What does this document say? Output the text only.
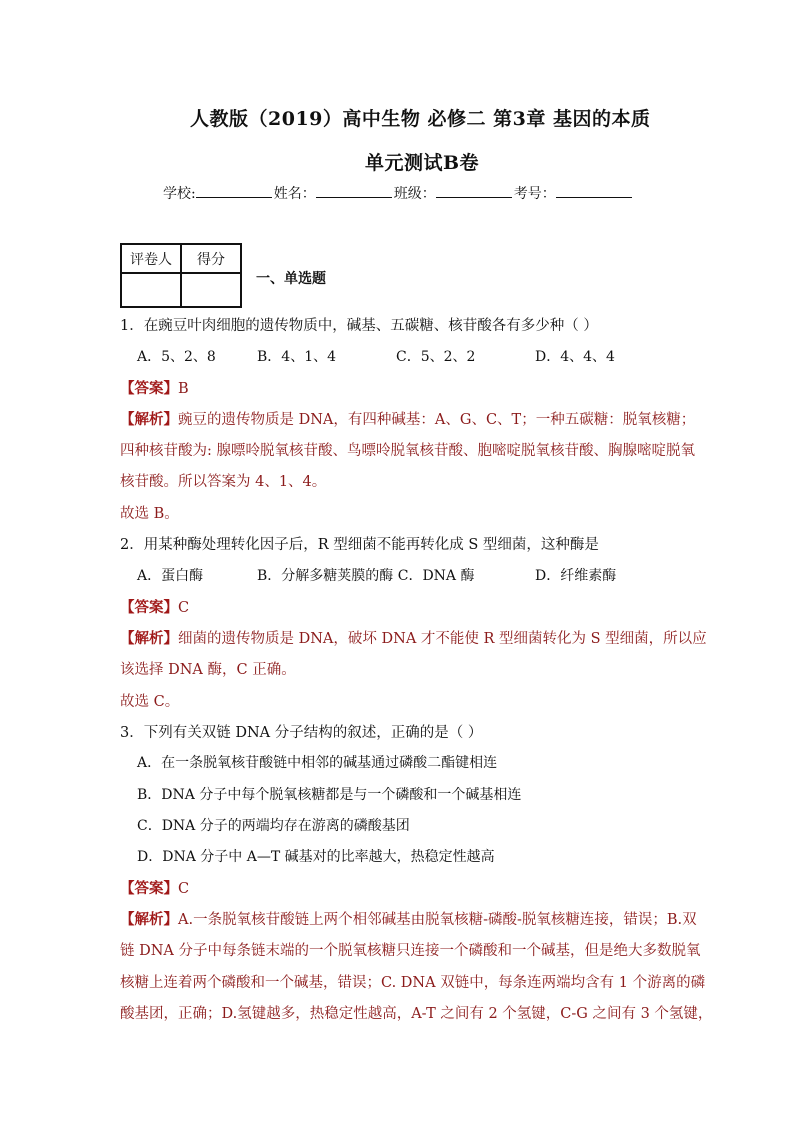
人教版（2019）高中生物 必修二 第3章 基因的本质
单元测试B卷
学校:	姓名：	班级：	考号：
评卷人	得分

一、单选题
1．在豌豆叶肉细胞的遗传物质中，碱基、五碳糖、核苷酸各有多少种（ ）
A．5、2、8	B．4、1、4	C．5、2、2	D．4、4、4
【答案】B
【解析】豌豆的遗传物质是 DNA，有四种碱基：A、G、C、T；一种五碳糖：脱氧核糖；
四种核苷酸为: 腺嘌呤脱氧核苷酸、鸟嘌呤脱氧核苷酸、胞嘧啶脱氧核苷酸、胸腺嘧啶脱氧
核苷酸。所以答案为 4、1、4。
故选 B。
2．用某种酶处理转化因子后，R 型细菌不能再转化成 S 型细菌，这种酶是
A．蛋白酶	B．分解多糖荚膜的酶 C．DNA 酶	D．纤维素酶
【答案】C
【解析】细菌的遗传物质是 DNA，破坏 DNA 才不能使 R 型细菌转化为 S 型细菌，所以应
该选择 DNA 酶，C 正确。
故选 C。
3．下列有关双链 DNA 分子结构的叙述，正确的是（ ）
A．在一条脱氧核苷酸链中相邻的碱基通过磷酸二酯键相连
B．DNA 分子中每个脱氧核糖都是与一个磷酸和一个碱基相连
C．DNA 分子的两端均存在游离的磷酸基团
D．DNA 分子中 A—T 碱基对的比率越大，热稳定性越高
【答案】C
【解析】A.一条脱氧核苷酸链上两个相邻碱基由脱氧核糖-磷酸-脱氧核糖连接，错误；B.双
链 DNA 分子中每条链末端的一个脱氧核糖只连接一个磷酸和一个碱基，但是绝大多数脱氧
核糖上连着两个磷酸和一个碱基，错误；C. DNA 双链中，每条连两端均含有 1 个游离的磷
酸基团，正确；D.氢键越多，热稳定性越高，A-T 之间有 2 个氢键，C-G 之间有 3 个氢键，
